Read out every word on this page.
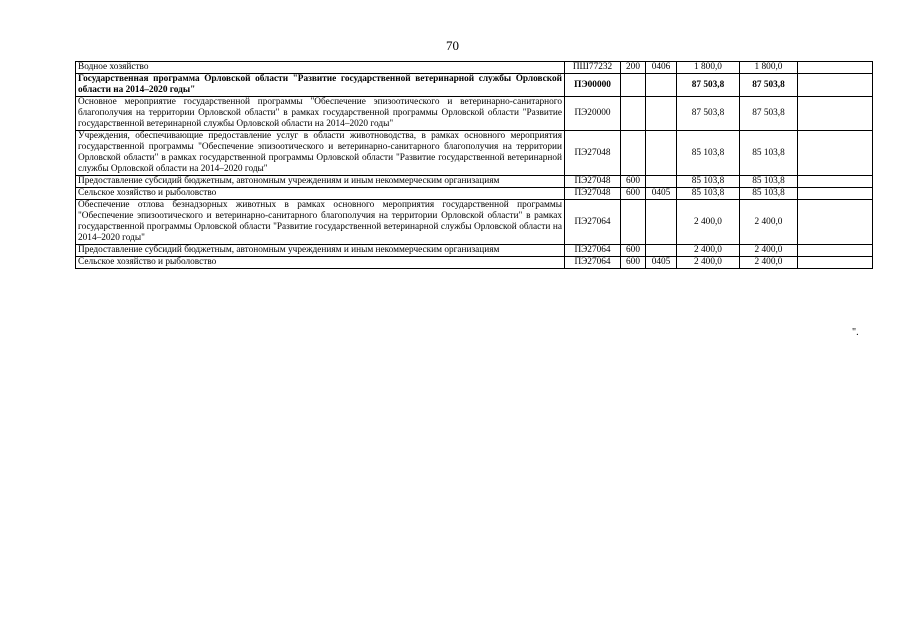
70
Водное хозяйство	ПШ77232	200	0406	1 800,0	1 800,0	
Государственная программа Орловской области "Развитие государственной ветеринарной службы Орловской области на 2014–2020 годы"	ПЭ00000			87 503,8	87 503,8	
Основное мероприятие государственной программы "Обеспечение эпизоотического и ветеринарно-санитарного благополучия на территории Орловской области" в рамках государственной программы Орловской области "Развитие государственной ветеринарной службы Орловской области на 2014–2020 годы"	ПЭ20000			87 503,8	87 503,8	
Учреждения, обеспечивающие предоставление услуг в области животноводства, в рамках основного мероприятия государственной программы "Обеспечение эпизоотического и ветеринарно-санитарного благополучия на территории Орловской области" в рамках государственной программы Орловской области "Развитие государственной ветеринарной службы Орловской области на 2014–2020 годы"	ПЭ27048			85 103,8	85 103,8	
Предоставление субсидий бюджетным, автономным учреждениям и иным некоммерческим организациям	ПЭ27048	600		85 103,8	85 103,8	
Сельское хозяйство и рыболовство	ПЭ27048	600	0405	85 103,8	85 103,8	
Обеспечение отлова безнадзорных животных в рамках основного мероприятия государственной программы "Обеспечение эпизоотического и ветеринарно-санитарного благополучия на территории Орловской области" в рамках государственной программы Орловской области "Развитие государственной ветеринарной службы Орловской области на 2014–2020 годы"	ПЭ27064			2 400,0	2 400,0	
Предоставление субсидий бюджетным, автономным учреждениям и иным некоммерческим организациям	ПЭ27064	600		2 400,0	2 400,0	
Сельское хозяйство и рыболовство	ПЭ27064	600	0405	2 400,0	2 400,0	
".
